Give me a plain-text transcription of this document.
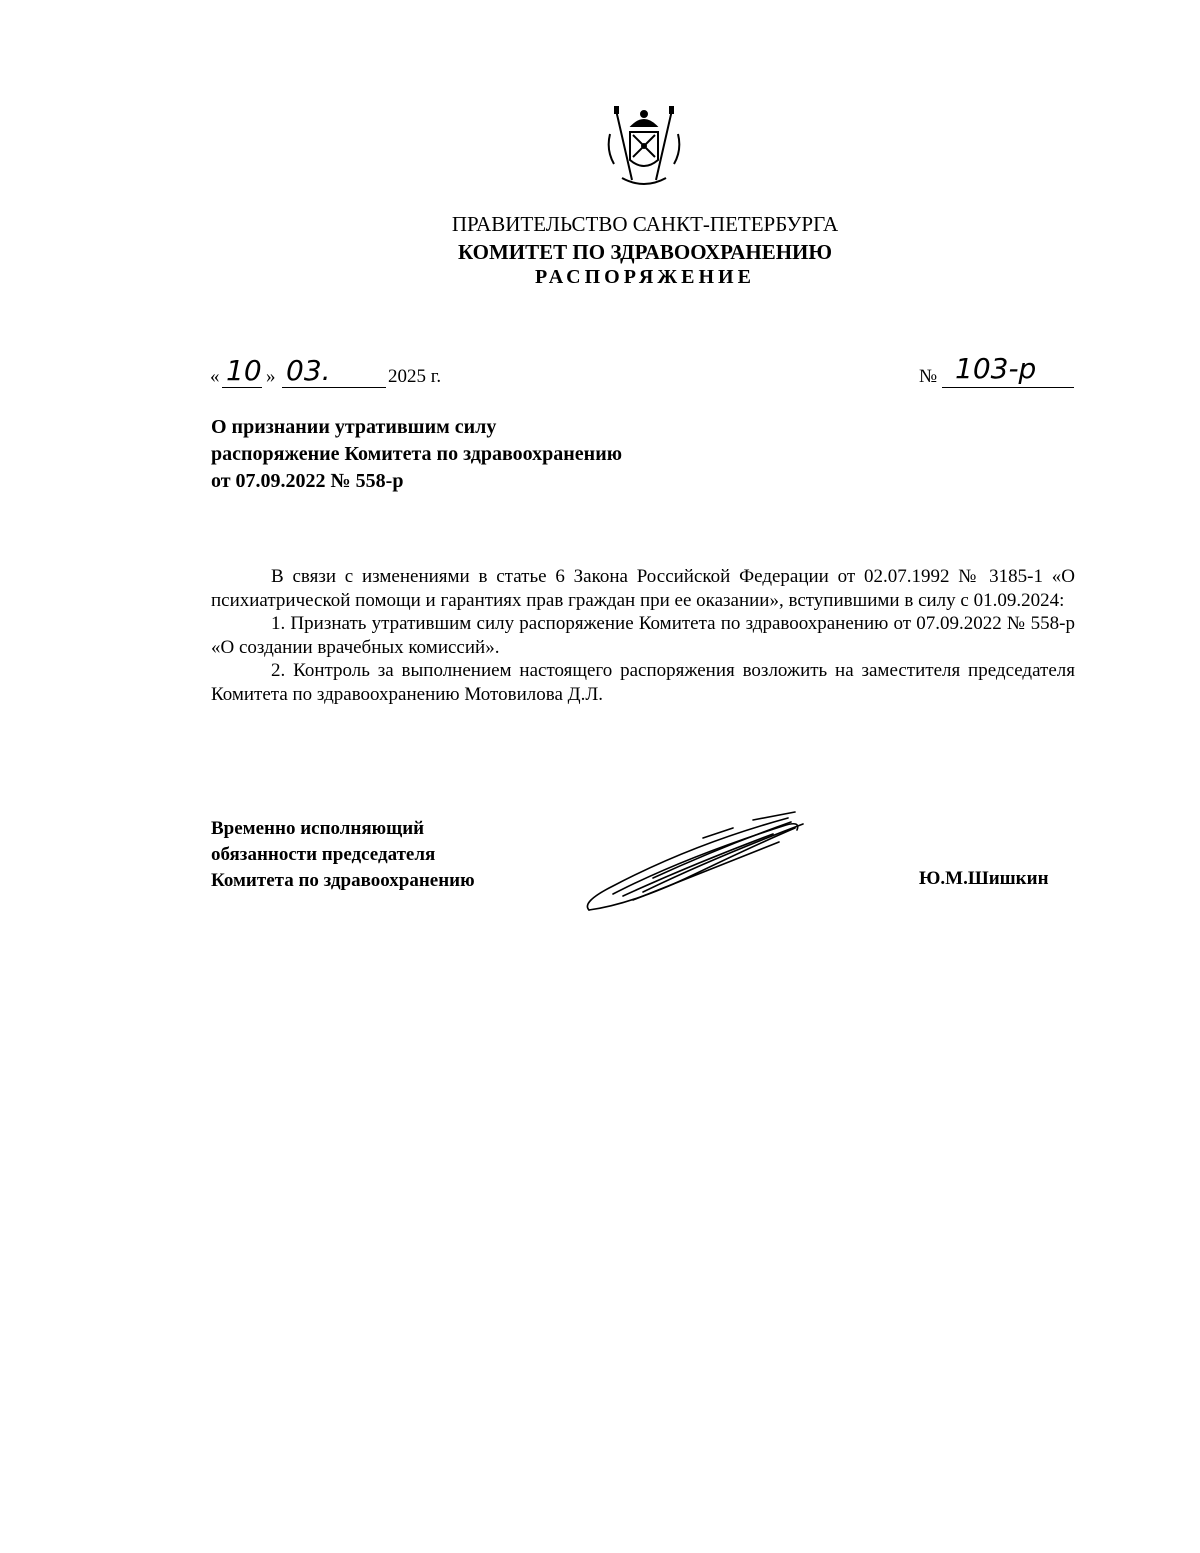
ПРАВИТЕЛЬСТВО САНКТ-ПЕТЕРБУРГА
КОМИТЕТ ПО ЗДРАВООХРАНЕНИЮ
РАСПОРЯЖЕНИЕ
« 10 » 03.	2025 г.	№ 103-р
О признании утратившим силу
распоряжение Комитета по здравоохранению
от 07.09.2022 № 558-р

В связи с изменениями в статье 6 Закона Российской Федерации от 02.07.1992 № 3185-1 «О психиатрической помощи и гарантиях прав граждан при ее оказании», вступившими в силу с 01.09.2024:

1. Признать утратившим силу распоряжение Комитета по здравоохранению от 07.09.2022 № 558-р «О создании врачебных комиссий».

2. Контроль за выполнением настоящего распоряжения возложить на заместителя председателя Комитета по здравоохранению Мотовилова Д.Л.

Временно исполняющий
обязанности председателя
Комитета по здравоохранению	Ю.М.Шишкин
